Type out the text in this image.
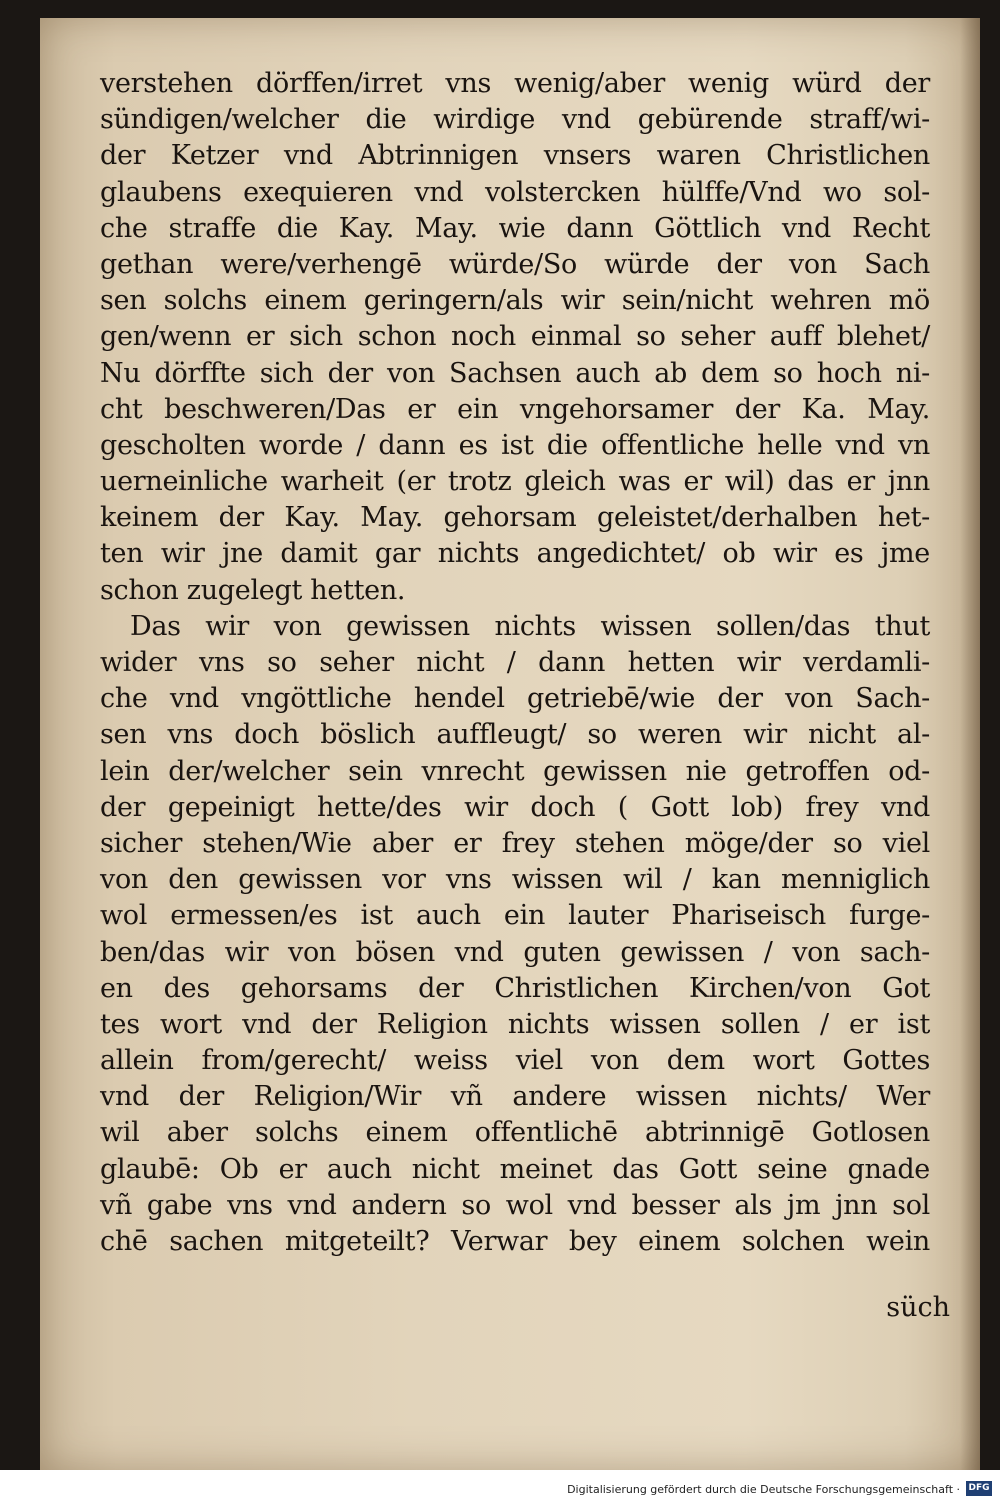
verstehen dörffen/irret vns wenig/aber wenig würd der
sündigen/welcher die wirdige vnd gebürende straff/wi-
der Ketzer vnd Abtrinnigen vnsers waren Christlichen
glaubens exequieren vnd volstercken hülffe/Vnd wo sol-
che straffe die Kay. May. wie dann Göttlich vnd Recht
gethan were/verhengē würde/So würde der von Sach
sen solchs einem geringern/als wir sein/nicht wehren mö
gen/wenn er sich schon noch einmal so seher auff blehet/
Nu dörffte sich der von Sachsen auch ab dem so hoch ni-
cht beschweren/Das er ein vngehorsamer der Ka. May.
gescholten worde / dann es ist die offentliche helle vnd vn
uerneinliche warheit (er trotz gleich was er wil) das er jnn
keinem der Kay. May. gehorsam geleistet/derhalben het-
ten wir jne damit gar nichts angedichtet/ ob wir es jme
schon zugelegt hetten.
Das wir von gewissen nichts wissen sollen/das thut
wider vns so seher nicht / dann hetten wir verdamli-
che vnd vngöttliche hendel getriebē/wie der von Sach-
sen vns doch böslich auffleugt/ so weren wir nicht al-
lein der/welcher sein vnrecht gewissen nie getroffen od-
der gepeinigt hette/des wir doch ( Gott lob) frey vnd
sicher stehen/Wie aber er frey stehen möge/der so viel
von den gewissen vor vns wissen wil / kan menniglich
wol ermessen/es ist auch ein lauter Phariseisch furge-
ben/das wir von bösen vnd guten gewissen / von sach-
en des gehorsams der Christlichen Kirchen/von Got
tes wort vnd der Religion nichts wissen sollen / er ist
allein from/gerecht/ weiss viel von dem wort Gottes
vnd der Religion/Wir vñ andere wissen nichts/ Wer
wil aber solchs einem offentlichē abtrinnigē Gotlosen
glaubē: Ob er auch nicht meinet das Gott seine gnade
vñ gabe vns vnd andern so wol vnd besser als jm jnn sol
chē sachen mitgeteilt? Verwar bey einem solchen wein
süch
Digitalisierung gefördert durch die Deutsche Forschungsgemeinschaft · DFG
